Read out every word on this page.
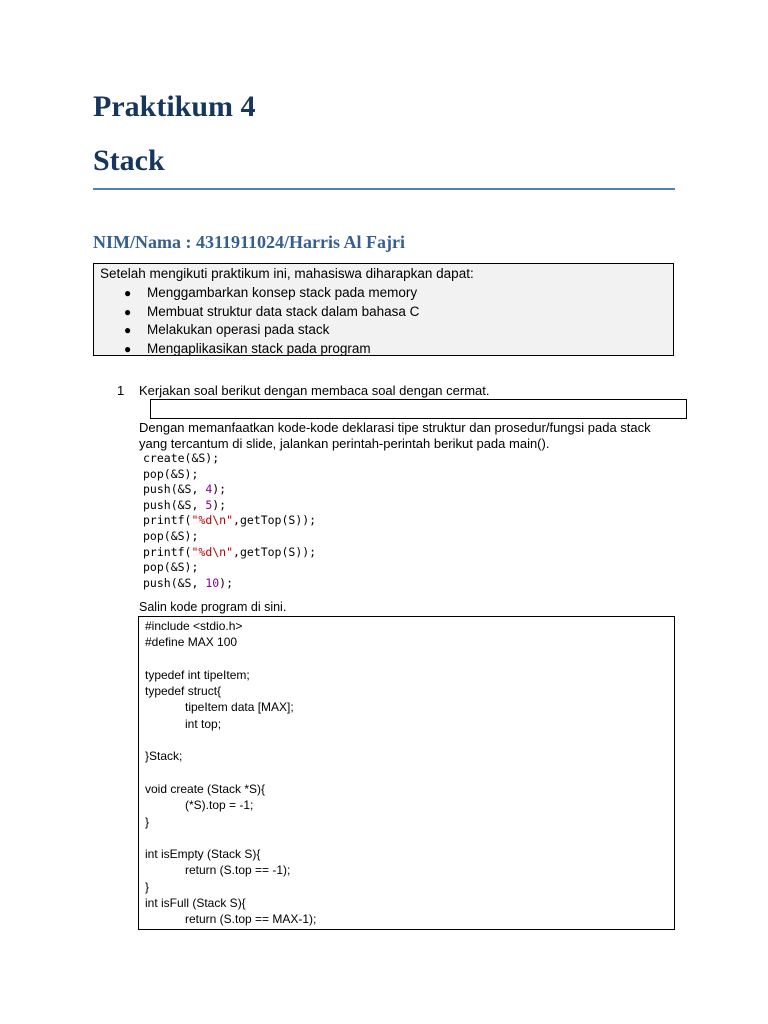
Praktikum 4
Stack
NIM/Nama : 4311911024/Harris Al Fajri
Setelah mengikuti praktikum ini, mahasiswa diharapkan dapat:
● Menggambarkan konsep stack pada memory
● Membuat struktur data stack dalam bahasa C
● Melakukan operasi pada stack
● Mengaplikasikan stack pada program
1 Kerjakan soal berikut dengan membaca soal dengan cermat.
Dengan memanfaatkan kode-kode deklarasi tipe struktur dan prosedur/fungsi pada stack
yang tercantum di slide, jalankan perintah-perintah berikut pada main().
create(&S);
pop(&S);
push(&S, 4);
push(&S, 5);
printf("%d\n",getTop(S));
pop(&S);
printf("%d\n",getTop(S));
pop(&S);
push(&S, 10);
Salin kode program di sini.
#include <stdio.h>
#define MAX 100

typedef int tipeItem;
typedef struct{
tipeItem data [MAX];
int top;

}Stack;

void create (Stack *S){
(*S).top = -1;
}

int isEmpty (Stack S){
return (S.top == -1);
}
int isFull (Stack S){
return (S.top == MAX-1);
